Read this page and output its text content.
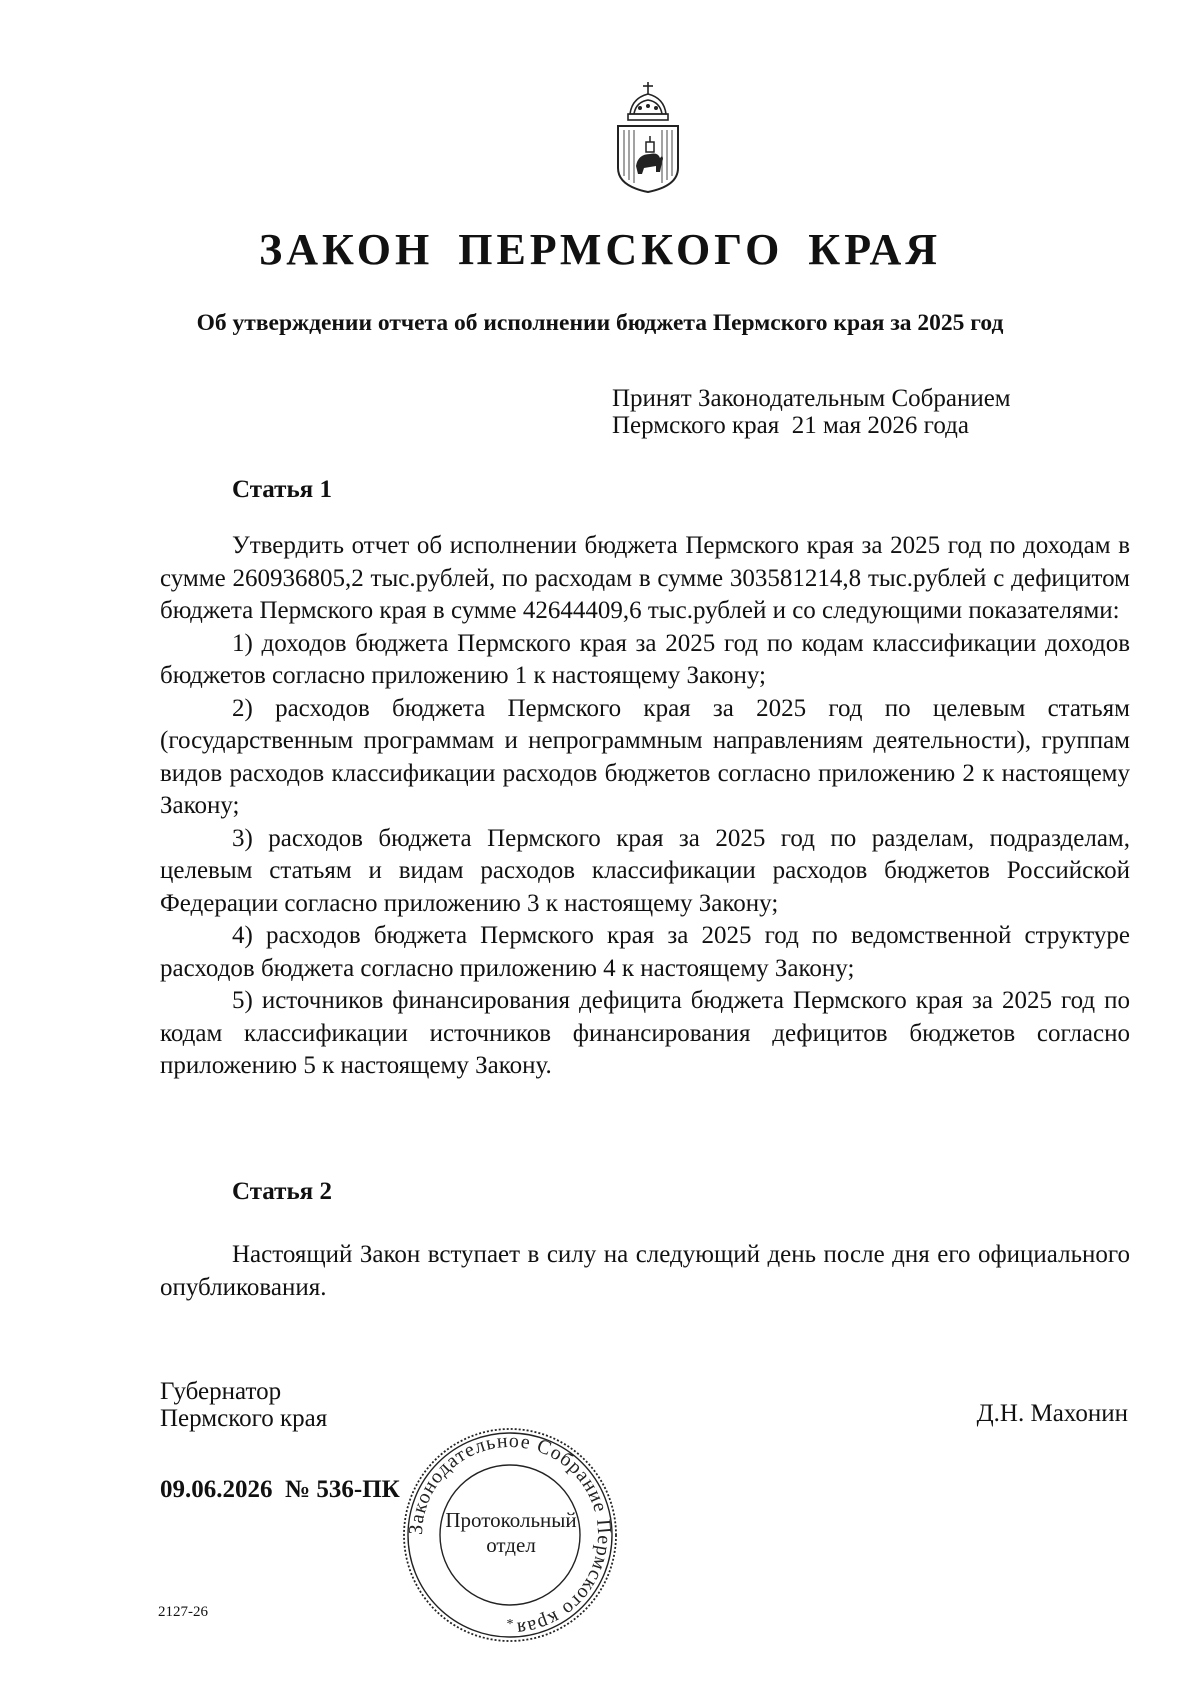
ЗАКОН ПЕРМСКОГО КРАЯ
Об утверждении отчета об исполнении бюджета Пермского края за 2025 год
Принят Законодательным Собранием
Пермского края  21 мая 2026 года
Статья 1

Утвердить отчет об исполнении бюджета Пермского края за 2025 год по доходам в сумме 260936805,2 тыс.рублей, по расходам в сумме 303581214,8 тыс.рублей с дефицитом бюджета Пермского края в сумме 42644409,6 тыс.рублей и со следующими показателями:

1) доходов бюджета Пермского края за 2025 год по кодам классификации доходов бюджетов согласно приложению 1 к настоящему Закону;

2) расходов бюджета Пермского края за 2025 год по целевым статьям (государственным программам и непрограммным направлениям деятельности), группам видов расходов классификации расходов бюджетов согласно приложению 2 к настоящему Закону;

3) расходов бюджета Пермского края за 2025 год по разделам, подразделам, целевым статьям и видам расходов классификации расходов бюджетов Российской Федерации согласно приложению 3 к настоящему Закону;

4) расходов бюджета Пермского края за 2025 год по ведомственной структуре расходов бюджета согласно приложению 4 к настоящему Закону;

5) источников финансирования дефицита бюджета Пермского края за 2025 год по кодам классификации источников финансирования дефицитов бюджетов согласно приложению 5 к настоящему Закону.

Статья 2

Настоящий Закон вступает в силу на следующий день после дня его официального опубликования.

Губернатор
Пермского края	Д.Н. Махонин
09.06.2026  № 536-ПК
Законодательное Собрание Пермского края
*
Протокольный
отдел
2127-26
